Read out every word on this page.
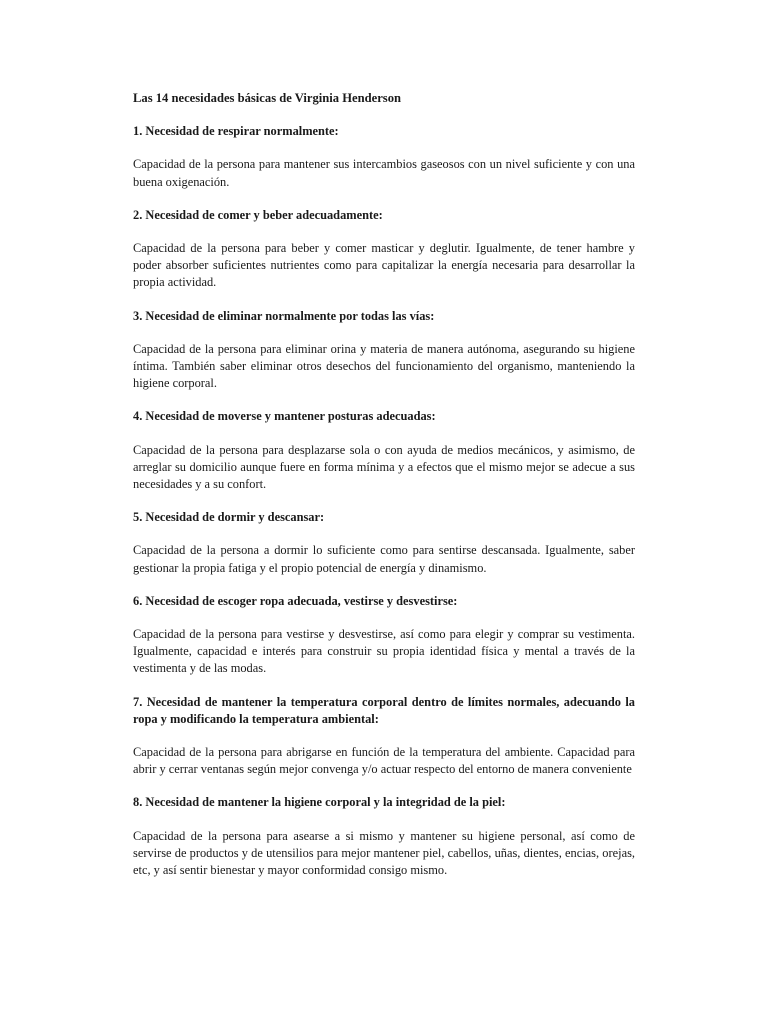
Las 14 necesidades básicas de Virginia Henderson
1. Necesidad de respirar normalmente:
Capacidad de la persona para mantener sus intercambios gaseosos con un nivel suficiente y con una buena oxigenación.
2. Necesidad de comer y beber adecuadamente:
Capacidad de la persona para beber y comer masticar y deglutir. Igualmente, de tener hambre y poder absorber suficientes nutrientes como para capitalizar la energía necesaria para desarrollar la propia actividad.
3. Necesidad de eliminar normalmente por todas las vías:
Capacidad de la persona para eliminar orina y materia de manera autónoma, asegurando su higiene íntima. También saber eliminar otros desechos del funcionamiento del organismo, manteniendo la higiene corporal.
4. Necesidad de moverse y mantener posturas adecuadas:
Capacidad de la persona para desplazarse sola o con ayuda de medios mecánicos, y asimismo, de arreglar su domicilio aunque fuere en forma mínima y a efectos que el mismo mejor se adecue a sus necesidades y a su confort.
5. Necesidad de dormir y descansar:
Capacidad de la persona a dormir lo suficiente como para sentirse descansada. Igualmente, saber gestionar la propia fatiga y el propio potencial de energía y dinamismo.
6. Necesidad de escoger ropa adecuada, vestirse y desvestirse:
Capacidad de la persona para vestirse y desvestirse, así como para elegir y comprar su vestimenta. Igualmente, capacidad e interés para construir su propia identidad física y mental a través de la vestimenta y de las modas.
7. Necesidad de mantener la temperatura corporal dentro de límites normales, adecuando la ropa y modificando la temperatura ambiental:
Capacidad de la persona para abrigarse en función de la temperatura del ambiente. Capacidad para abrir y cerrar ventanas según mejor convenga y/o actuar respecto del entorno de manera conveniente
8. Necesidad de mantener la higiene corporal y la integridad de la piel:
Capacidad de la persona para asearse a si mismo y mantener su higiene personal, así como de servirse de productos y de utensilios para mejor mantener piel, cabellos, uñas, dientes, encias, orejas, etc, y así sentir bienestar y mayor conformidad consigo mismo.
